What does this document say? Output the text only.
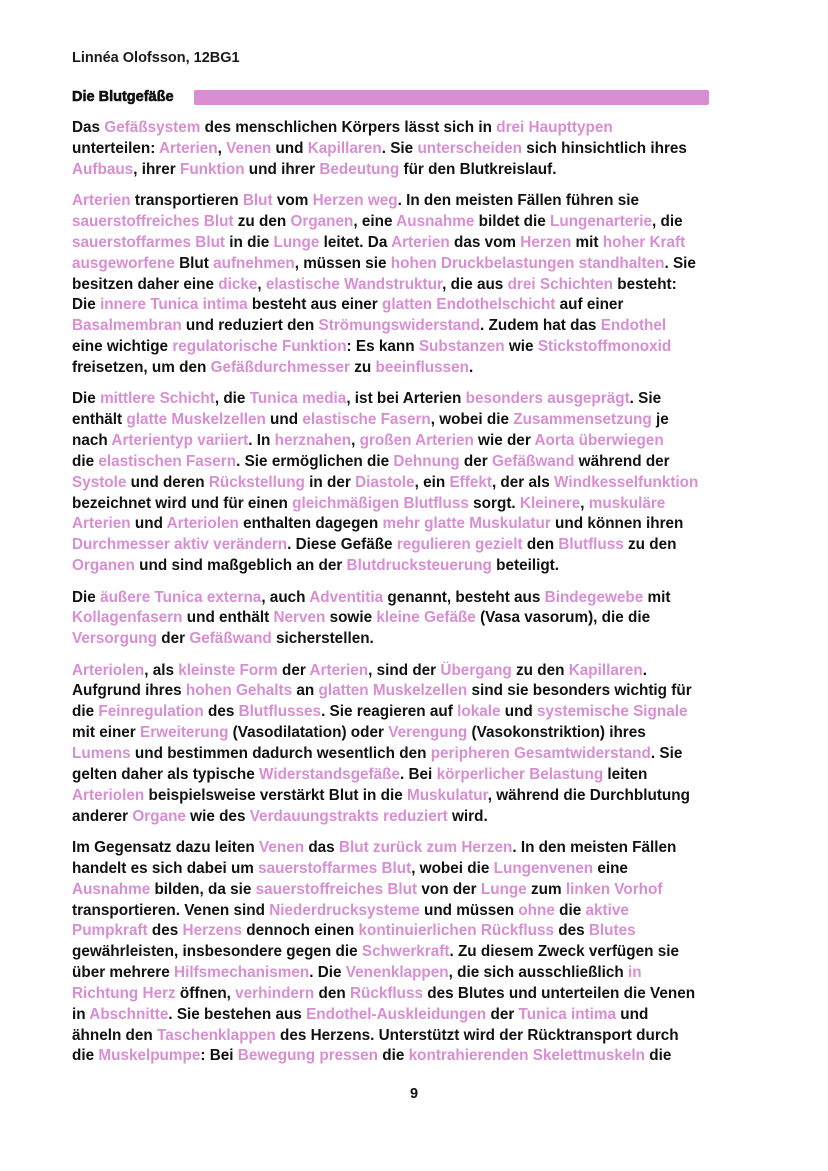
Linnéa Olofsson, 12BG1
Die Blutgefäße

Das Gefäßsystem des menschlichen Körpers lässt sich in drei Haupttypen
unterteilen: Arterien, Venen und Kapillaren. Sie unterscheiden sich hinsichtlich ihres
Aufbaus, ihrer Funktion und ihrer Bedeutung für den Blutkreislauf.

Arterien transportieren Blut vom Herzen weg. In den meisten Fällen führen sie
sauerstoffreiches Blut zu den Organen, eine Ausnahme bildet die Lungenarterie, die
sauerstoffarmes Blut in die Lunge leitet. Da Arterien das vom Herzen mit hoher Kraft
ausgeworfene Blut aufnehmen, müssen sie hohen Druckbelastungen standhalten. Sie
besitzen daher eine dicke, elastische Wandstruktur, die aus drei Schichten besteht:
Die innere Tunica intima besteht aus einer glatten Endothelschicht auf einer
Basalmembran und reduziert den Strömungswiderstand. Zudem hat das Endothel
eine wichtige regulatorische Funktion: Es kann Substanzen wie Stickstoffmonoxid
freisetzen, um den Gefäßdurchmesser zu beeinflussen.

Die mittlere Schicht, die Tunica media, ist bei Arterien besonders ausgeprägt. Sie
enthält glatte Muskelzellen und elastische Fasern, wobei die Zusammensetzung je
nach Arterientyp variiert. In herznahen, großen Arterien wie der Aorta überwiegen
die elastischen Fasern. Sie ermöglichen die Dehnung der Gefäßwand während der
Systole und deren Rückstellung in der Diastole, ein Effekt, der als Windkesselfunktion
bezeichnet wird und für einen gleichmäßigen Blutfluss sorgt. Kleinere, muskuläre
Arterien und Arteriolen enthalten dagegen mehr glatte Muskulatur und können ihren
Durchmesser aktiv verändern. Diese Gefäße regulieren gezielt den Blutfluss zu den
Organen und sind maßgeblich an der Blutdrucksteuerung beteiligt.

Die äußere Tunica externa, auch Adventitia genannt, besteht aus Bindegewebe mit
Kollagenfasern und enthält Nerven sowie kleine Gefäße (Vasa vasorum), die die
Versorgung der Gefäßwand sicherstellen.

Arteriolen, als kleinste Form der Arterien, sind der Übergang zu den Kapillaren.
Aufgrund ihres hohen Gehalts an glatten Muskelzellen sind sie besonders wichtig für
die Feinregulation des Blutflusses. Sie reagieren auf lokale und systemische Signale
mit einer Erweiterung (Vasodilatation) oder Verengung (Vasokonstriktion) ihres
Lumens und bestimmen dadurch wesentlich den peripheren Gesamtwiderstand. Sie
gelten daher als typische Widerstandsgefäße. Bei körperlicher Belastung leiten
Arteriolen beispielsweise verstärkt Blut in die Muskulatur, während die Durchblutung
anderer Organe wie des Verdauungstrakts reduziert wird.

Im Gegensatz dazu leiten Venen das Blut zurück zum Herzen. In den meisten Fällen
handelt es sich dabei um sauerstoffarmes Blut, wobei die Lungenvenen eine
Ausnahme bilden, da sie sauerstoffreiches Blut von der Lunge zum linken Vorhof
transportieren. Venen sind Niederdrucksysteme und müssen ohne die aktive
Pumpkraft des Herzens dennoch einen kontinuierlichen Rückfluss des Blutes
gewährleisten, insbesondere gegen die Schwerkraft. Zu diesem Zweck verfügen sie
über mehrere Hilfsmechanismen. Die Venenklappen, die sich ausschließlich in
Richtung Herz öffnen, verhindern den Rückfluss des Blutes und unterteilen die Venen
in Abschnitte. Sie bestehen aus Endothel-Auskleidungen der Tunica intima und
ähneln den Taschenklappen des Herzens. Unterstützt wird der Rücktransport durch
die Muskelpumpe: Bei Bewegung pressen die kontrahierenden Skelettmuskeln die

9
